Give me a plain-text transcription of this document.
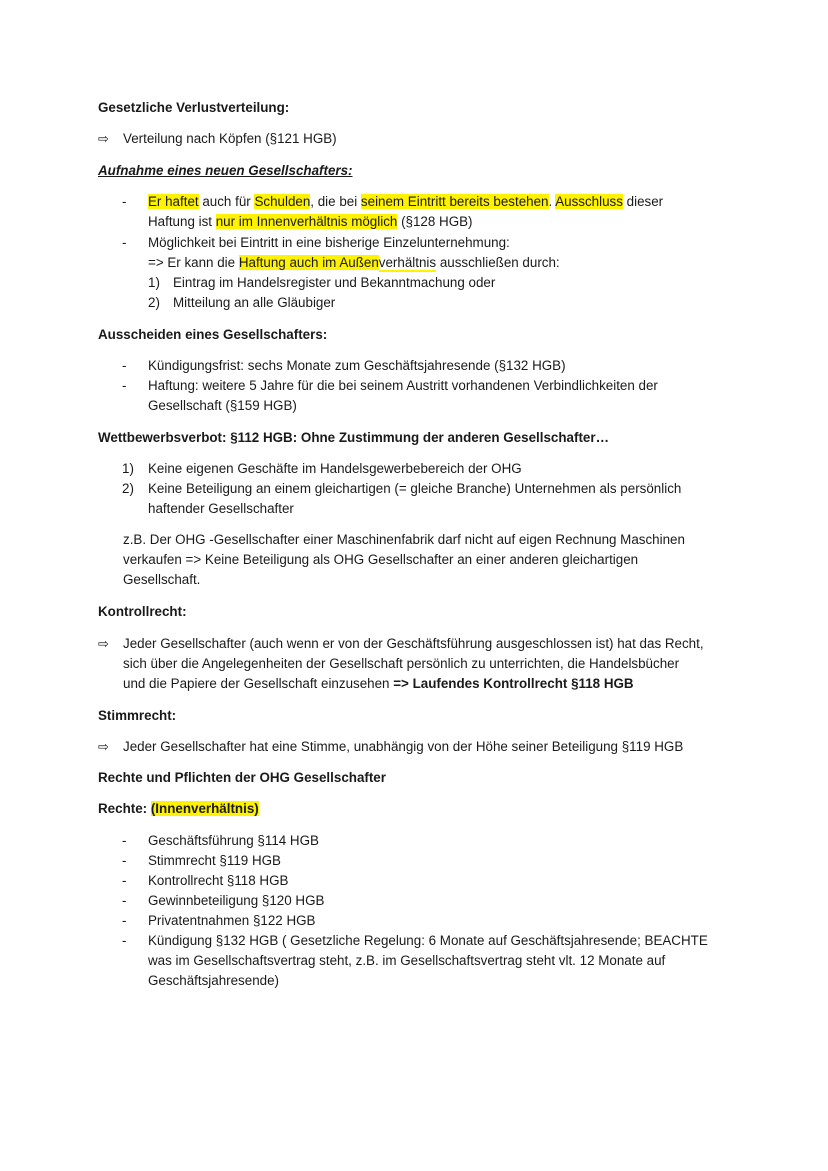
Gesetzliche Verlustverteilung:
⇨ Verteilung nach Köpfen (§121 HGB)
Aufnahme eines neuen Gesellschafters:
- Er haftet auch für Schulden, die bei seinem Eintritt bereits bestehen. Ausschluss dieser
Haftung ist nur im Innenverhältnis möglich (§128 HGB)
- Möglichkeit bei Eintritt in eine bisherige Einzelunternehmung:
=> Er kann die Haftung auch im Außenverhältnis ausschließen durch:
1) Eintrag im Handelsregister und Bekanntmachung oder
2) Mitteilung an alle Gläubiger
Ausscheiden eines Gesellschafters:
- Kündigungsfrist: sechs Monate zum Geschäftsjahresende (§132 HGB)
- Haftung: weitere 5 Jahre für die bei seinem Austritt vorhandenen Verbindlichkeiten der
Gesellschaft (§159 HGB)
Wettbewerbsverbot: §112 HGB: Ohne Zustimmung der anderen Gesellschafter…
1) Keine eigenen Geschäfte im Handelsgewerbebereich der OHG
2) Keine Beteiligung an einem gleichartigen (= gleiche Branche) Unternehmen als persönlich
haftender Gesellschafter
z.B. Der OHG -Gesellschafter einer Maschinenfabrik darf nicht auf eigen Rechnung Maschinen
verkaufen => Keine Beteiligung als OHG Gesellschafter an einer anderen gleichartigen
Gesellschaft.
Kontrollrecht:
⇨ Jeder Gesellschafter (auch wenn er von der Geschäftsführung ausgeschlossen ist) hat das Recht,
sich über die Angelegenheiten der Gesellschaft persönlich zu unterrichten, die Handelsbücher
und die Papiere der Gesellschaft einzusehen => Laufendes Kontrollrecht §118 HGB
Stimmrecht:
⇨ Jeder Gesellschafter hat eine Stimme, unabhängig von der Höhe seiner Beteiligung §119 HGB
Rechte und Pflichten der OHG Gesellschafter
Rechte: (Innenverhältnis)
- Geschäftsführung §114 HGB
- Stimmrecht §119 HGB
- Kontrollrecht §118 HGB
- Gewinnbeteiligung §120 HGB
- Privatentnahmen §122 HGB
- Kündigung §132 HGB ( Gesetzliche Regelung: 6 Monate auf Geschäftsjahresende; BEACHTE
was im Gesellschaftsvertrag steht, z.B. im Gesellschaftsvertrag steht vlt. 12 Monate auf
Geschäftsjahresende)
